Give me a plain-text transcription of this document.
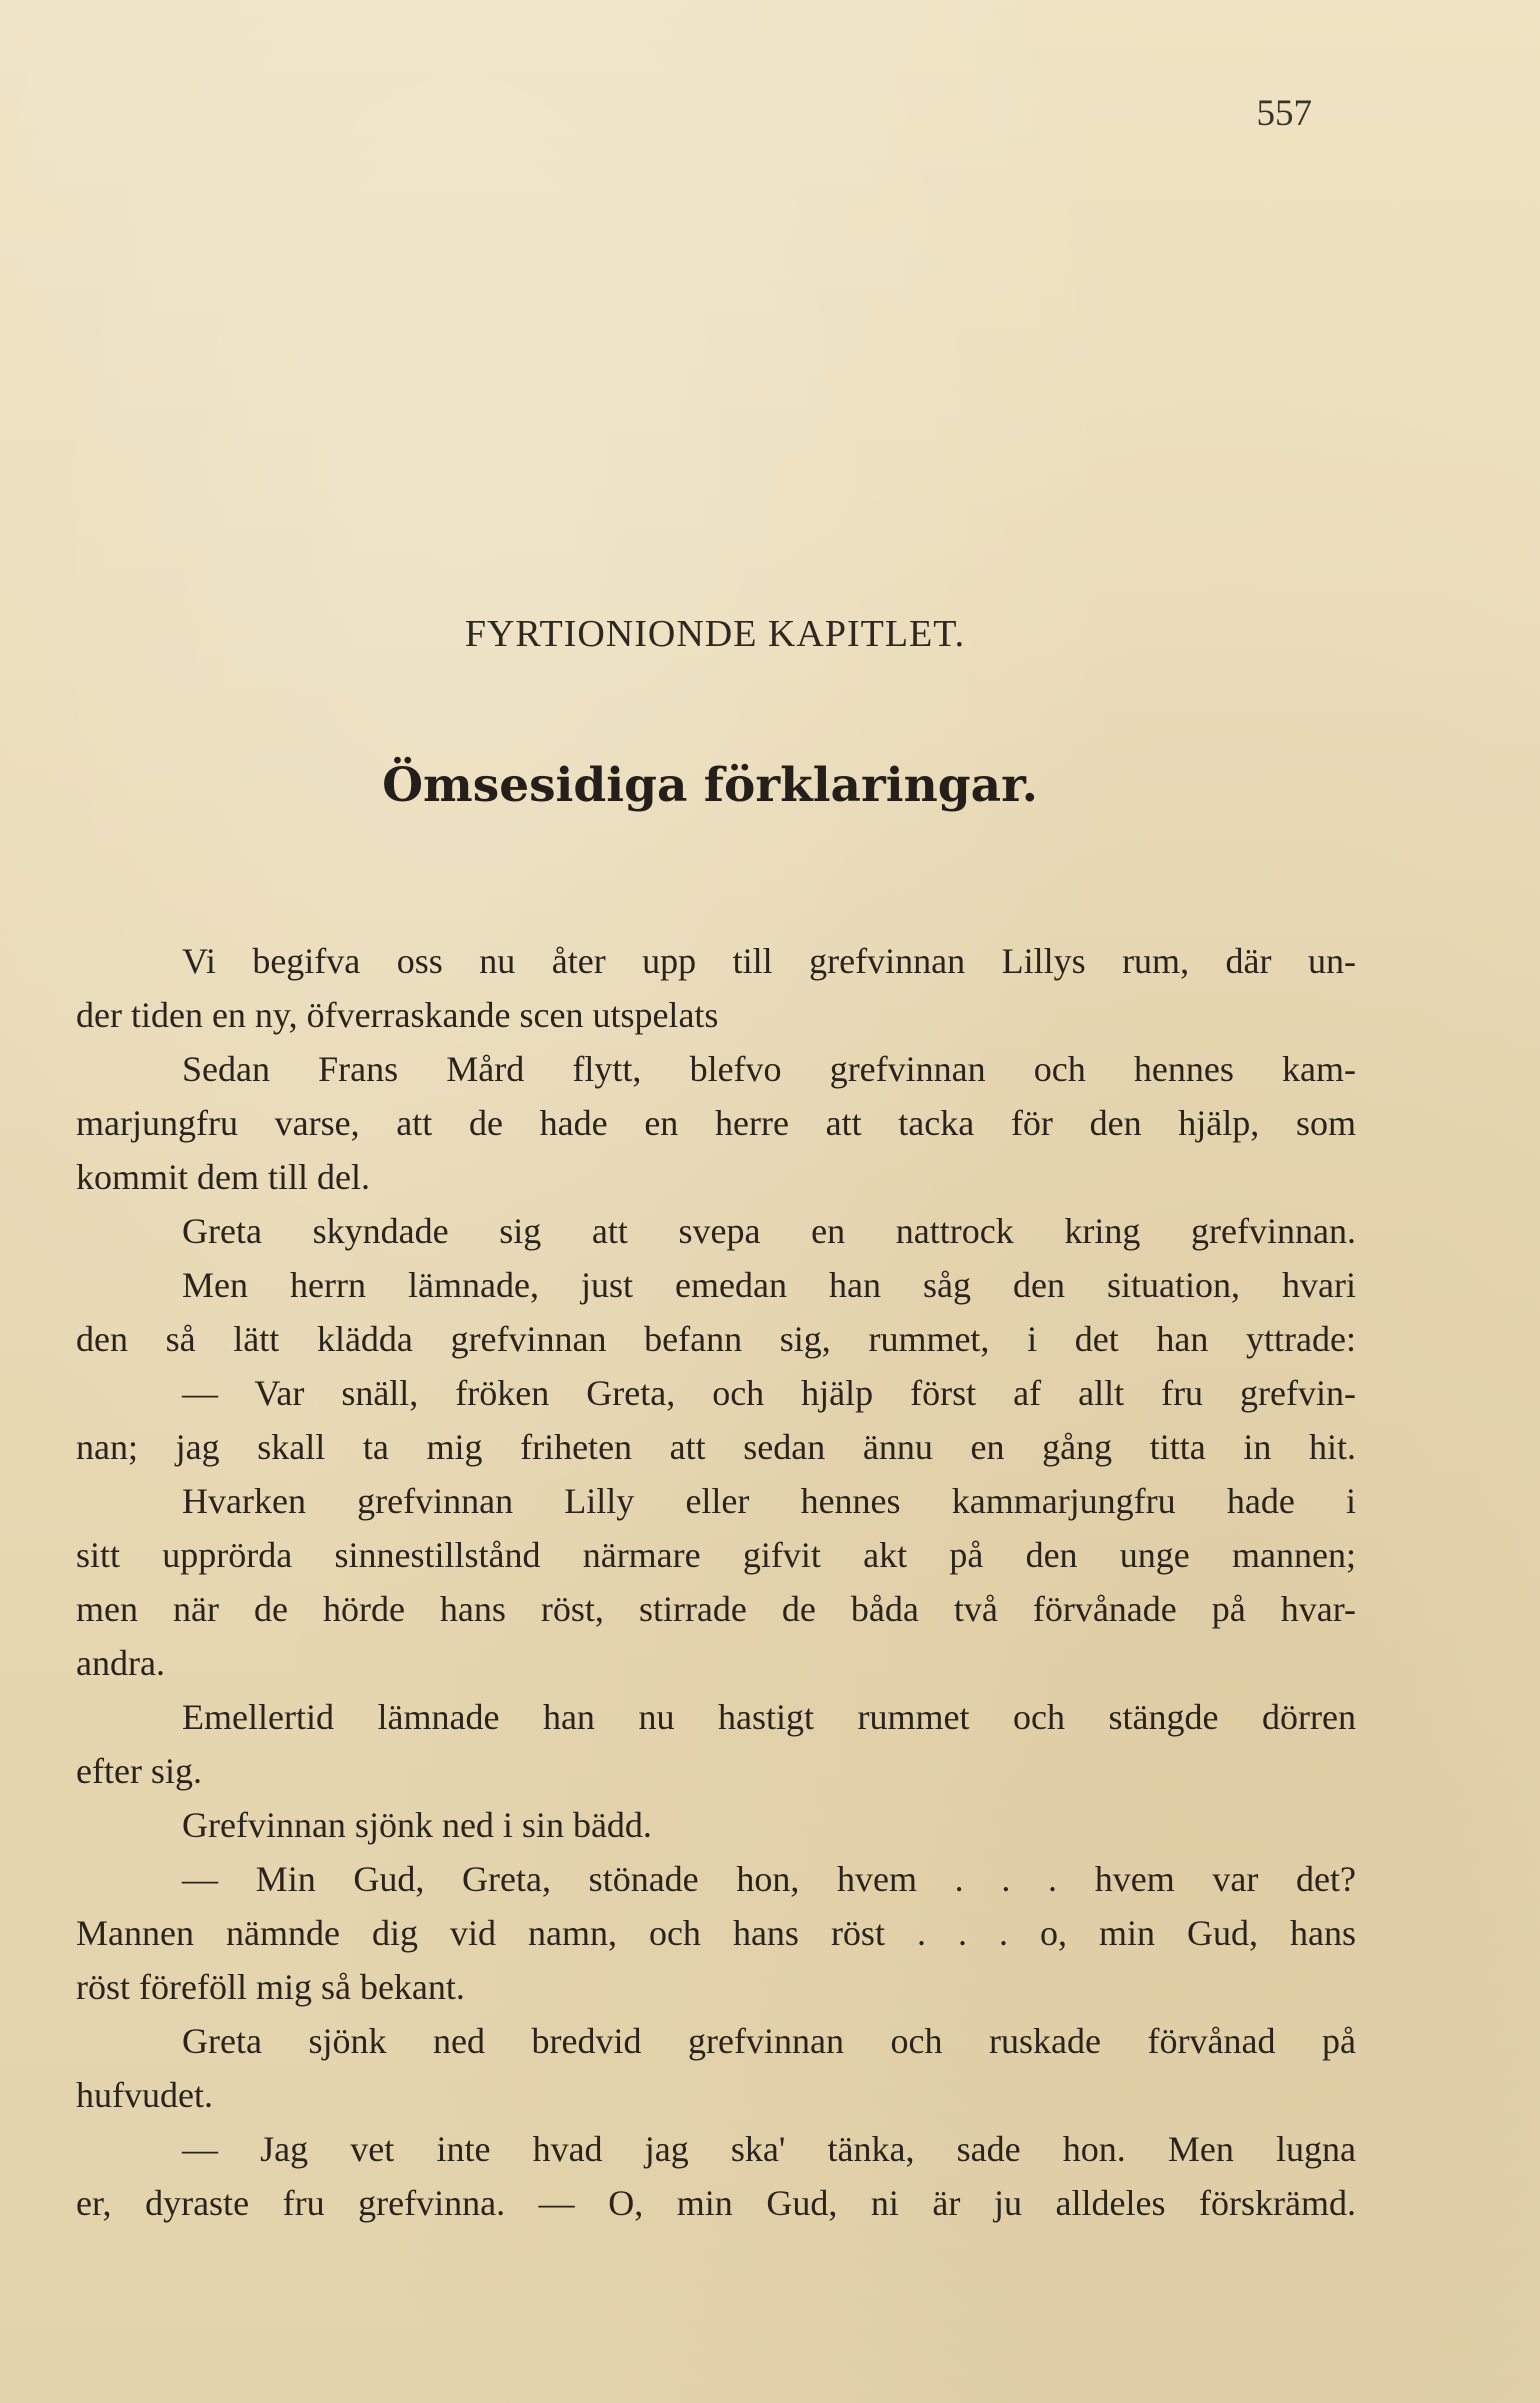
557
FYRTIONIONDE KAPITLET.
Ömsesidiga förklaringar.
Vi begifva oss nu åter upp till grefvinnan Lillys rum, där un-
der tiden en ny, öfverraskande scen utspelats
Sedan Frans Mård flytt, blefvo grefvinnan och hennes kam-
marjungfru varse, att de hade en herre att tacka för den hjälp, som
kommit dem till del.
Greta skyndade sig att svepa en nattrock kring grefvinnan.
Men herrn lämnade, just emedan han såg den situation, hvari
den så lätt klädda grefvinnan befann sig, rummet, i det han yttrade:
— Var snäll, fröken Greta, och hjälp först af allt fru grefvin-
nan; jag skall ta mig friheten att sedan ännu en gång titta in hit.
Hvarken grefvinnan Lilly eller hennes kammarjungfru hade i
sitt upprörda sinnestillstånd närmare gifvit akt på den unge mannen;
men när de hörde hans röst, stirrade de båda två förvånade på hvar-
andra.
Emellertid lämnade han nu hastigt rummet och stängde dörren
efter sig.
Grefvinnan sjönk ned i sin bädd.
— Min Gud, Greta, stönade hon, hvem . . . hvem var det?
Mannen nämnde dig vid namn, och hans röst . . . o, min Gud, hans
röst föreföll mig så bekant.
Greta sjönk ned bredvid grefvinnan och ruskade förvånad på
hufvudet.
— Jag vet inte hvad jag ska' tänka, sade hon. Men lugna
er, dyraste fru grefvinna. — O, min Gud, ni är ju alldeles förskrämd.
